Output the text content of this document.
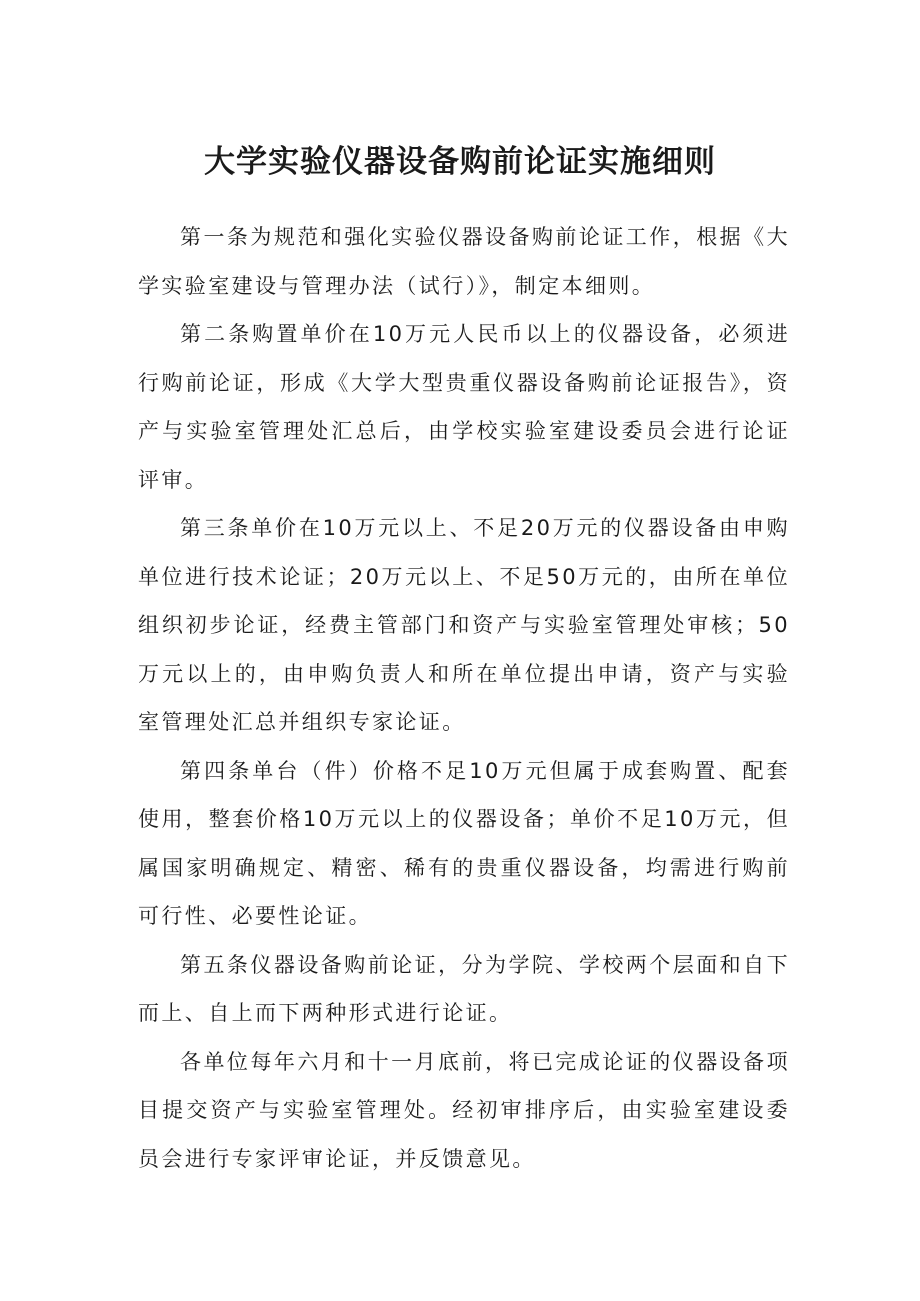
大学实验仪器设备购前论证实施细则

第一条为规范和强化实验仪器设备购前论证工作，根据《大学实验室建设与管理办法（试行）》，制定本细则。

第二条购置单价在10万元人民币以上的仪器设备，必须进行购前论证，形成《大学大型贵重仪器设备购前论证报告》，资产与实验室管理处汇总后，由学校实验室建设委员会进行论证评审。

第三条单价在10万元以上、不足20万元的仪器设备由申购单位进行技术论证；20万元以上、不足50万元的，由所在单位组织初步论证，经费主管部门和资产与实验室管理处审核；50万元以上的，由申购负责人和所在单位提出申请，资产与实验室管理处汇总并组织专家论证。

第四条单台（件）价格不足10万元但属于成套购置、配套使用，整套价格10万元以上的仪器设备；单价不足10万元，但属国家明确规定、精密、稀有的贵重仪器设备，均需进行购前可行性、必要性论证。

第五条仪器设备购前论证，分为学院、学校两个层面和自下而上、自上而下两种形式进行论证。

各单位每年六月和十一月底前，将已完成论证的仪器设备项目提交资产与实验室管理处。经初审排序后，由实验室建设委员会进行专家评审论证，并反馈意见。
